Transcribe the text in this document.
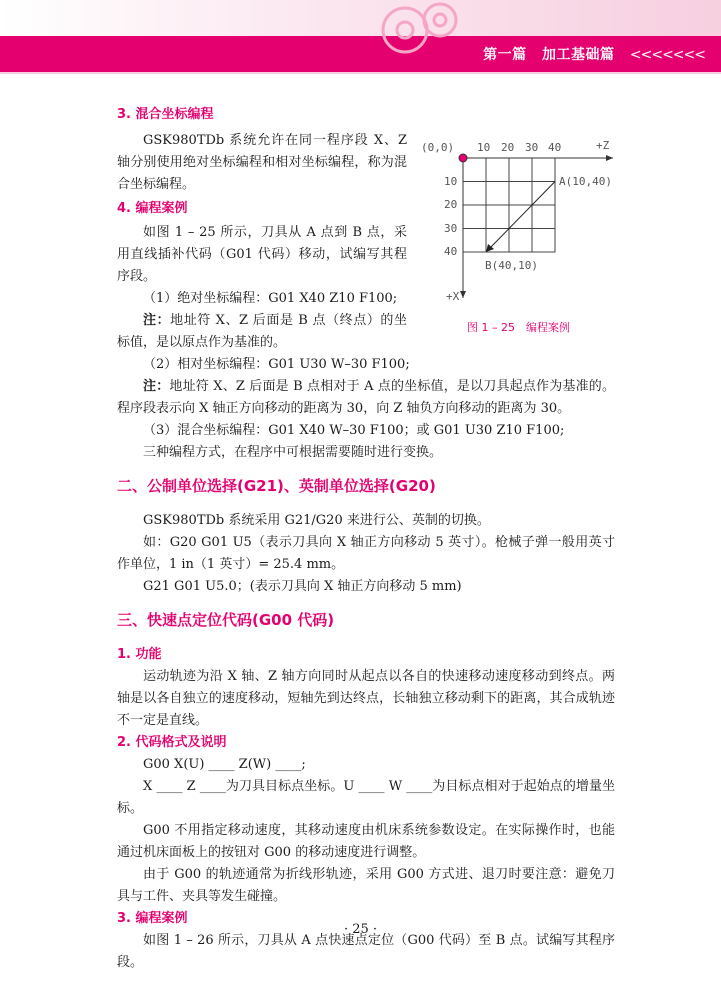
第一篇 加工基础篇 <<<<<<<
(0,0)	+Z
+X
10 20 30 40
10
20
30
40
A(10,40)
B(40,10)
图 1 – 25　编程案例
3. 混合坐标编程

GSK980TDb 系统允许在同一程序段 X、Z 轴分别使用绝对坐标编程和相对坐标编程，称为混合坐标编程。

4. 编程案例

如图 1 – 25 所示，刀具从 A 点到 B 点，采用直线插补代码（G01 代码）移动，试编写其程序段。

（1）绝对坐标编程：G01 X40 Z10 F100;

注：地址符 X、Z 后面是 B 点（终点）的坐标值，是以原点作为基准的。

（2）相对坐标编程：G01 U30 W–30 F100;

注：地址符 X、Z 后面是 B 点相对于 A 点的坐标值，是以刀具起点作为基准的。程序段表示向 X 轴正方向移动的距离为 30，向 Z 轴负方向移动的距离为 30。

（3）混合坐标编程：G01 X40 W–30 F100；或 G01 U30 Z10 F100;

三种编程方式，在程序中可根据需要随时进行变换。

二、公制单位选择(G21)、英制单位选择(G20)

GSK980TDb 系统采用 G21/G20 来进行公、英制的切换。

如：G20 G01 U5（表示刀具向 X 轴正方向移动 5 英寸）。枪械子弹一般用英寸作单位，1 in（1 英寸）= 25.4 mm。

G21 G01 U5.0；(表示刀具向 X 轴正方向移动 5 mm)

三、快速点定位代码(G00 代码)
1. 功能

运动轨迹为沿 X 轴、Z 轴方向同时从起点以各自的快速移动速度移动到终点。两轴是以各自独立的速度移动，短轴先到达终点，长轴独立移动剩下的距离，其合成轨迹不一定是直线。

2. 代码格式及说明

G00 X(U) ____ Z(W) ____;

X ____ Z ____为刀具目标点坐标。U ____ W ____为目标点相对于起始点的增量坐标。

G00 不用指定移动速度，其移动速度由机床系统参数设定。在实际操作时，也能通过机床面板上的按钮对 G00 的移动速度进行调整。

由于 G00 的轨迹通常为折线形轨迹，采用 G00 方式进、退刀时要注意：避免刀具与工件、夹具等发生碰撞。

3. 编程案例

如图 1 – 26 所示，刀具从 A 点快速点定位（G00 代码）至 B 点。试编写其程序段。

· 25 ·
